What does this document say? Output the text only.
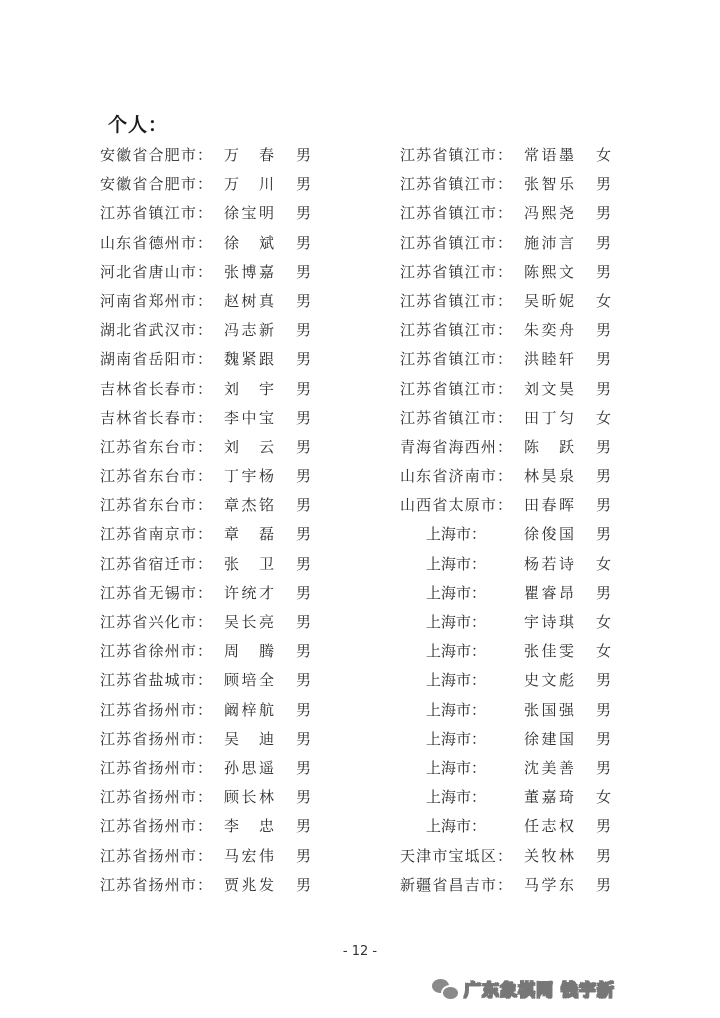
个人：
安徽省合肥市： 万 春 男
安徽省合肥市： 万 川 男
江苏省镇江市： 徐宝明 男
山东省德州市： 徐 斌 男
河北省唐山市： 张博嘉 男
河南省郑州市： 赵树真 男
湖北省武汉市： 冯志新 男
湖南省岳阳市： 魏紧跟 男
吉林省长春市： 刘 宇 男
吉林省长春市： 李中宝 男
江苏省东台市： 刘 云 男
江苏省东台市： 丁宇杨 男
江苏省东台市： 章杰铭 男
江苏省南京市： 章 磊 男
江苏省宿迁市： 张 卫 男
江苏省无锡市： 许统才 男
江苏省兴化市： 吴长亮 男
江苏省徐州市： 周 腾 男
江苏省盐城市： 顾培全 男
江苏省扬州市： 阚梓航 男
江苏省扬州市： 吴 迪 男
江苏省扬州市： 孙思遥 男
江苏省扬州市： 顾长林 男
江苏省扬州市： 李 忠 男
江苏省扬州市： 马宏伟 男
江苏省扬州市： 贾兆发 男
江苏省镇江市： 常语墨 女
江苏省镇江市： 张智乐 男
江苏省镇江市： 冯熙尧 男
江苏省镇江市： 施沛言 男
江苏省镇江市： 陈熙文 男
江苏省镇江市： 吴昕妮 女
江苏省镇江市： 朱奕舟 男
江苏省镇江市： 洪睦轩 男
江苏省镇江市： 刘文昊 男
江苏省镇江市： 田丁匀 女
青海省海西州： 陈 跃 男
山东省济南市： 林昊泉 男
山西省太原市： 田春晖 男
上海市：	徐俊国 男
上海市：	杨若诗 女
上海市：	瞿睿昂 男
上海市：	宇诗琪 女
上海市：	张佳雯 女
上海市：	史文彪 男
上海市：	张国强 男
上海市：	徐建国 男
上海市：	沈美善 男
上海市：	董嘉琦 女
上海市：	任志权 男
天津市宝坻区： 关牧林 男
新疆省昌吉市： 马学东 男
- 12 -
广东象棋网 钱宇新
